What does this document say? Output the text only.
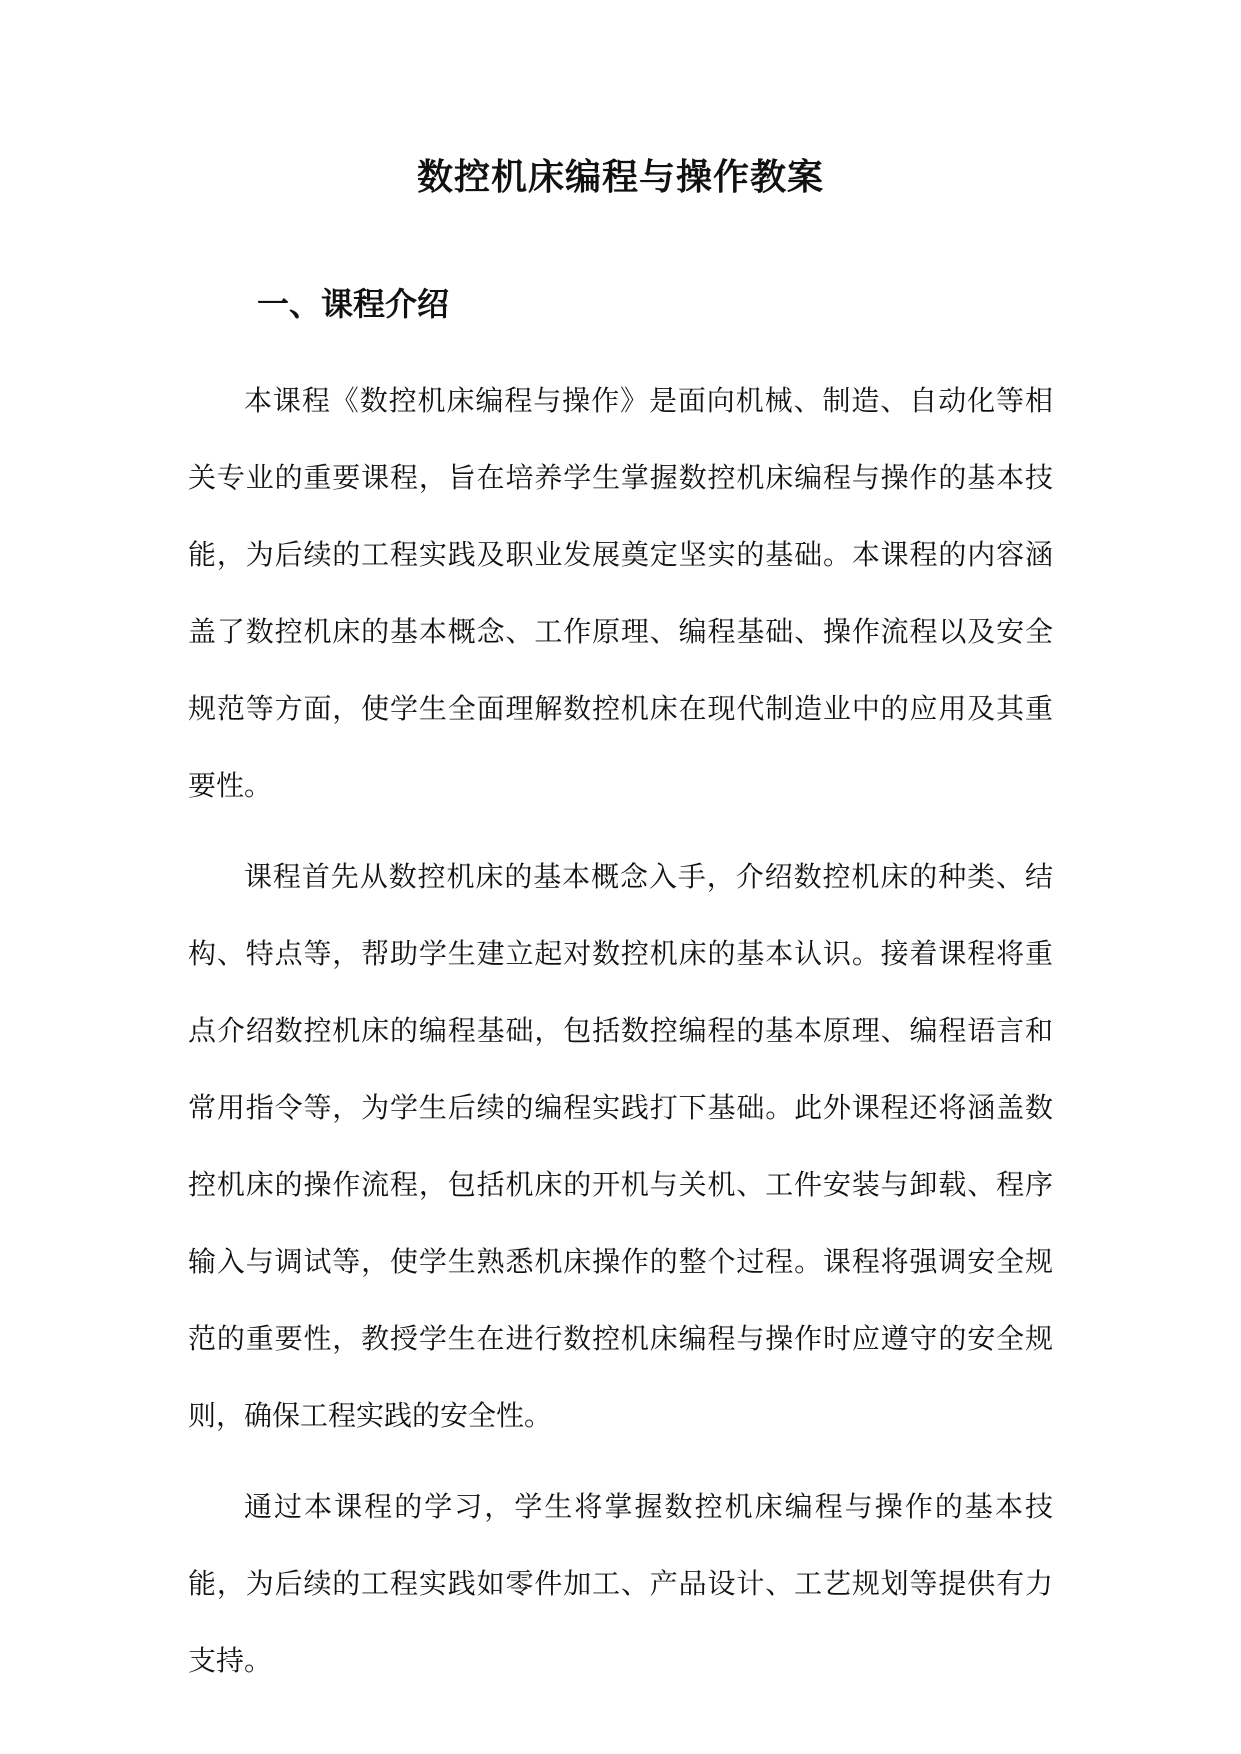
数控机床编程与操作教案
一、课程介绍

本课程《数控机床编程与操作》是面向机械、制造、自动化等相关专业的重要课程，旨在培养学生掌握数控机床编程与操作的基本技能，为后续的工程实践及职业发展奠定坚实的基础。本课程的内容涵盖了数控机床的基本概念、工作原理、编程基础、操作流程以及安全规范等方面，使学生全面理解数控机床在现代制造业中的应用及其重要性。

课程首先从数控机床的基本概念入手，介绍数控机床的种类、结构、特点等，帮助学生建立起对数控机床的基本认识。接着课程将重点介绍数控机床的编程基础，包括数控编程的基本原理、编程语言和常用指令等，为学生后续的编程实践打下基础。此外课程还将涵盖数控机床的操作流程，包括机床的开机与关机、工件安装与卸载、程序输入与调试等，使学生熟悉机床操作的整个过程。课程将强调安全规范的重要性，教授学生在进行数控机床编程与操作时应遵守的安全规则，确保工程实践的安全性。

通过本课程的学习，学生将掌握数控机床编程与操作的基本技能，为后续的工程实践如零件加工、产品设计、工艺规划等提供有力支持。
